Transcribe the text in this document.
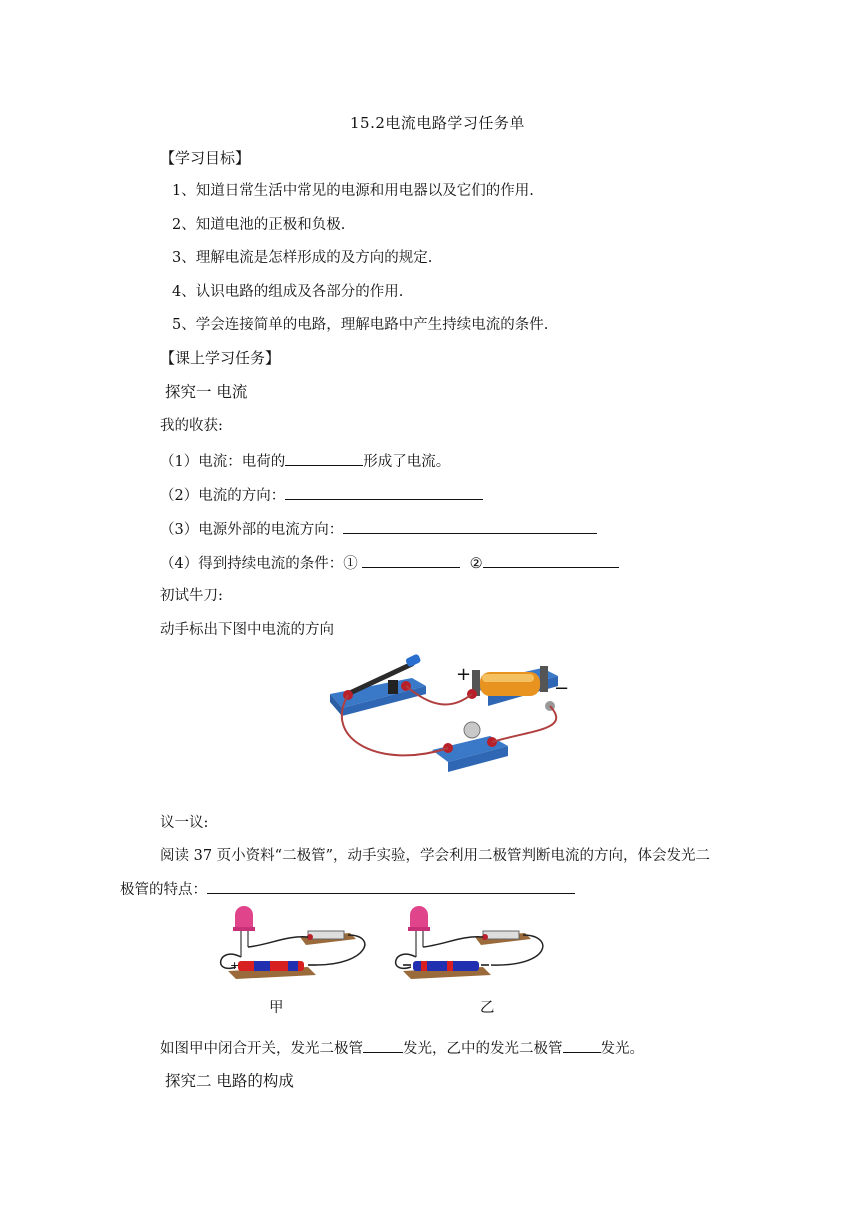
15.2电流电路学习任务单
【学习目标】
1、知道日常生活中常见的电源和用电器以及它们的作用.
2、知道电池的正极和负极.
3、理解电流是怎样形成的及方向的规定.
4、认识电路的组成及各部分的作用.
5、学会连接简单的电路，理解电路中产生持续电流的条件.
【课上学习任务】
探究一 电流
我的收获:
（1）电流：电荷的	形成了电流。
（2）电流的方向：
（3）电源外部的电流方向：
（4）得到持续电流的条件：①	②
初试牛刀:
动手标出下图中电流的方向
+
−
议一议:
阅读 37 页小资料“二极管”，动手实验，学会利用二极管判断电流的方向，体会发光二
极管的特点：
+
甲	乙
如图甲中闭合开关，发光二极管	发光，乙中的发光二极管	发光。
探究二 电路的构成
